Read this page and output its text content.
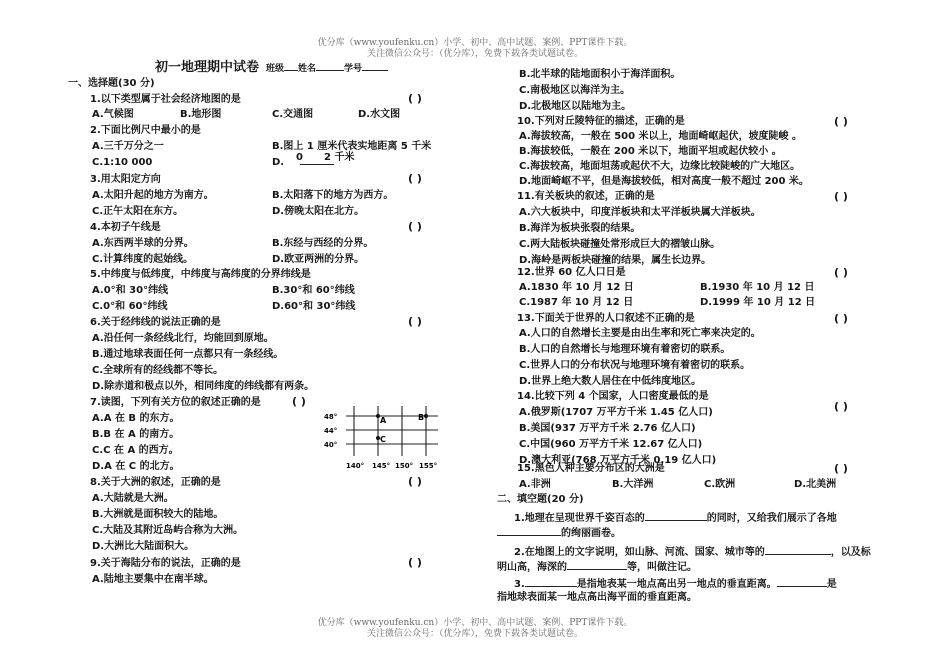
优分库（www.youfenku.cn）小学、初中、高中试题、案例、PPT课件下载。
关注微信公众号：（优分库），免费下载各类试题试卷。
优分库（www.youfenku.cn）小学、初中、高中试题、案例、PPT课件下载。
关注微信公众号：（优分库），免费下载各类试题试卷。
初一地理期中试卷 班级 姓名	学号
一、选择题(30 分)
1.以下类型属于社会经济地图的是	( )
A.气候图	B.地形图	C.交通图	D.水文图
2.下面比例尺中最小的是
A.三千万分之一	B.图上 1 厘米代表实地距离 5 千米
C.1:10 000	D. 0 2 千米
3.用太阳定方向	( )
A.太阳升起的地方为南方。	B.太阳落下的地方为西方。
C.正午太阳在东方。	D.傍晚太阳在北方。
4.本初子午线是	( )
A.东西两半球的分界。	B.东经与西经的分界。
C.计算纬度的起始线。	D.欧亚两洲的分界。
5.中纬度与低纬度，中纬度与高纬度的分界纬线是
A.0°和 30°纬线	B.30°和 60°纬线
C.0°和 60°纬线	D.60°和 30°纬线
6.关于经纬线的说法正确的是	( )
A.沿任何一条经线北行，均能回到原地。
B.通过地球表面任何一点都只有一条经线。
C.全球所有的经线都不等长。
D.除赤道和极点以外，相同纬度的纬线都有两条。
7.读图，下列有关方位的叙述正确的是	( )
A.A 在 B 的东方。
B.B 在 A 的南方。
C.C 在 A 的西方。
D.A 在 C 的北方。
48°
44°
40°
A	B
C
140° 145° 150° 155°
8.关于大洲的叙述，正确的是	( )
A.大陆就是大洲。
B.大洲就是面积较大的陆地。
C.大陆及其附近岛屿合称为大洲。
D.大洲比大陆面积大。
9.关于海陆分布的说法，正确的是	( )
A.陆地主要集中在南半球。
B.北半球的陆地面积小于海洋面积。
C.南极地区以海洋为主。
D.北极地区以陆地为主。
10.下列对丘陵特征的描述，正确的是	( )
A.海拔较高，一般在 500 米以上，地面崎岖起伏，坡度陡峻 。
B.海拔较低，一般在 200 米以下，地面平坦或起伏较小 。
C.海拔较高，地面坦荡或起伏不大，边缘比较陡峻的广大地区。
D.地面崎岖不平，但是海拔较低，相对高度一般不超过 200 米。
11.有关板块的叙述，正确的是	( )
A.六大板块中，印度洋板块和太平洋板块属大洋板块。
B.海洋为板块张裂的结果。
C.两大陆板块碰撞处常形成巨大的褶皱山脉。
D.海岭是两板块碰撞的结果，属生长边界。
12.世界 60 亿人口日是	( )
A.1830 年 10 月 12 日	B.1930 年 10 月 12 日
C.1987 年 10 月 12 日	D.1999 年 10 月 12 日
13.下面关于世界的人口叙述不正确的是	( )
A.人口的自然增长主要是由出生率和死亡率来决定的。
B.人口的自然增长与地理环境有着密切的联系。
C.世界人口的分布状况与地理环境有着密切的联系。
D.世界上绝大数人居住在中低纬度地区。
14.比较下列 4 个国家，人口密度最低的是
( )
A.俄罗斯(1707 万平方千米 1.45 亿人口)
B.美国(937 万平方千米 2.76 亿人口)
C.中国(960 万平方千米 12.67 亿人口)
D.澳大利亚(768 万平方千米 0.19 亿人口)
15.黑色人种主要分布区的大洲是	( )
A.非洲	B.大洋洲	C.欧洲	D.北美洲
二、填空题(20 分)
1.地理在呈现世界千姿百态的	的同时，又给我们展示了各地
的绚丽画卷。
2.在地图上的文字说明，如山脉、河流、国家、城市等的	，以及标
明山高，海深的	等，叫做注记。
3.	是指地表某一地点高出另一地点的垂直距离。	是
指地球表面某一地点高出海平面的垂直距离。
